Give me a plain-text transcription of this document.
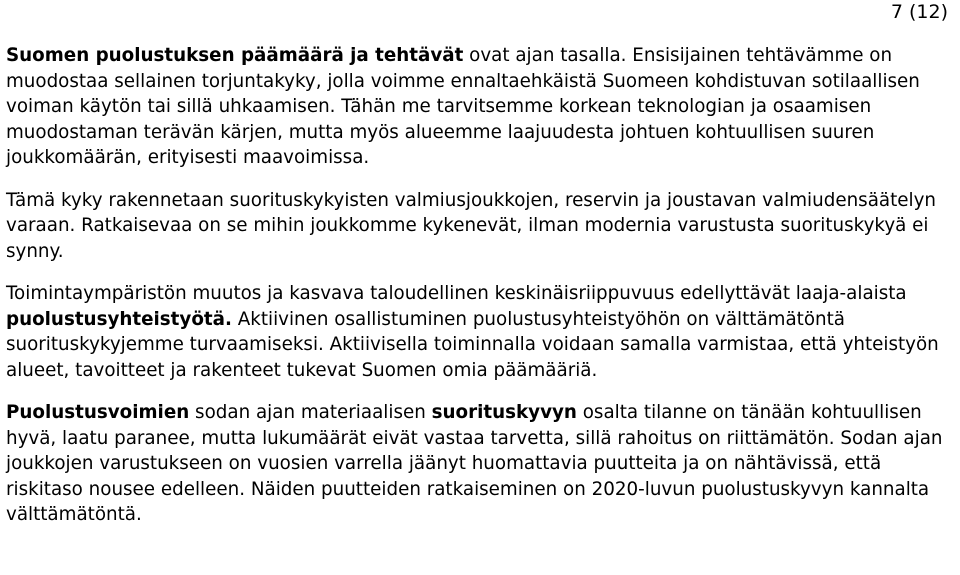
7 (12)

Suomen puolustuksen päämäärä ja tehtävät ovat ajan tasalla. Ensisijainen tehtävämme on muodostaa sellainen torjuntakyky, jolla voimme ennaltaehkäistä Suomeen kohdistuvan sotilaallisen voiman käytön tai sillä uhkaamisen. Tähän me tarvitsemme korkean teknologian ja osaamisen muodostaman terävän kärjen, mutta myös alueemme laajuudesta johtuen kohtuullisen suuren joukkomäärän, erityisesti maavoimissa.

Tämä kyky rakennetaan suorituskykyisten valmiusjoukkojen, reservin ja joustavan valmiudensäätelyn varaan. Ratkaisevaa on se mihin joukkomme kykenevät, ilman modernia varustusta suorituskykyä ei synny.

Toimintaympäristön muutos ja kasvava taloudellinen keskinäisriippuvuus edellyttävät laaja-alaista puolustusyhteistyötä. Aktiivinen osallistuminen puolustusyhteistyöhön on välttämätöntä suorituskykyjemme turvaamiseksi. Aktiivisella toiminnalla voidaan samalla varmistaa, että yhteistyön alueet, tavoitteet ja rakenteet tukevat Suomen omia päämääriä.

Puolustusvoimien sodan ajan materiaalisen suorituskyvyn osalta tilanne on tänään kohtuullisen hyvä, laatu paranee, mutta lukumäärät eivät vastaa tarvetta, sillä rahoitus on riittämätön. Sodan ajan joukkojen varustukseen on vuosien varrella jäänyt huomattavia puutteita ja on nähtävissä, että riskitaso nousee edelleen. Näiden puutteiden ratkaiseminen on 2020-luvun puolustuskyvyn kannalta välttämätöntä.
